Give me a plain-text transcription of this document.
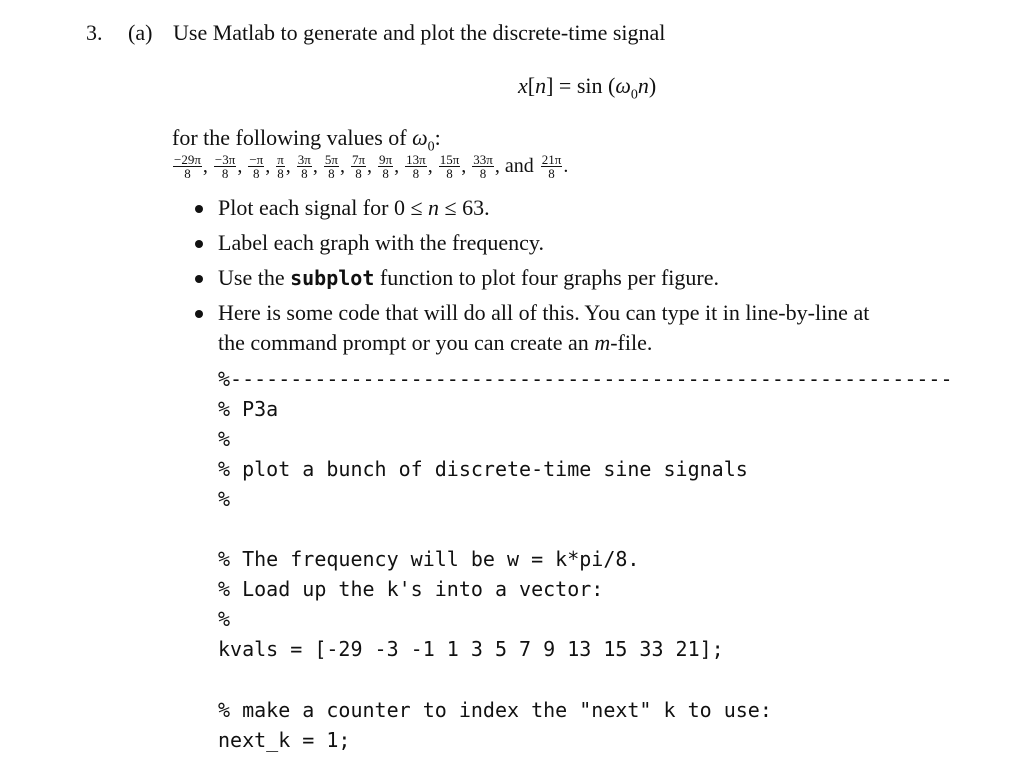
3. (a) Use Matlab to generate and plot the discrete-time signal
$x[n] = \sin (\omega_0n)$
for the following values of $\omega_0$:
$\frac{-29\pi}{8}$ , $\frac{-3\pi}{8}$ , $\frac{-\pi}{8}$ , $\frac{\pi}{8}$ , $\frac{3\pi}{8}$ , $\frac{5\pi}{8}$ , $\frac{7\pi}{8}$ , $\frac{9\pi}{8}$ , $\frac{13\pi}{8}$ , $\frac{15\pi}{8}$ , $\frac{33\pi}{8}$ , and $\frac{21\pi}{8}$ .
Plot each signal for 0 ≤ n ≤ 63.
Label each graph with the frequency.
Use the subplot function to plot four graphs per figure.
Here is some code that will do all of this. You can type it in line-by-line at
the command prompt or you can create an m-file.
%------------------------------------------------------------
% P3a
%
% plot a bunch of discrete-time sine signals
%
% The frequency will be w = k*pi/8.
% Load up the k's into a vector:
%
kvals = [-29 -3 -1 1 3 5 7 9 13 15 33 21];
% make a counter to index the "next" k to use:
next_k = 1;
